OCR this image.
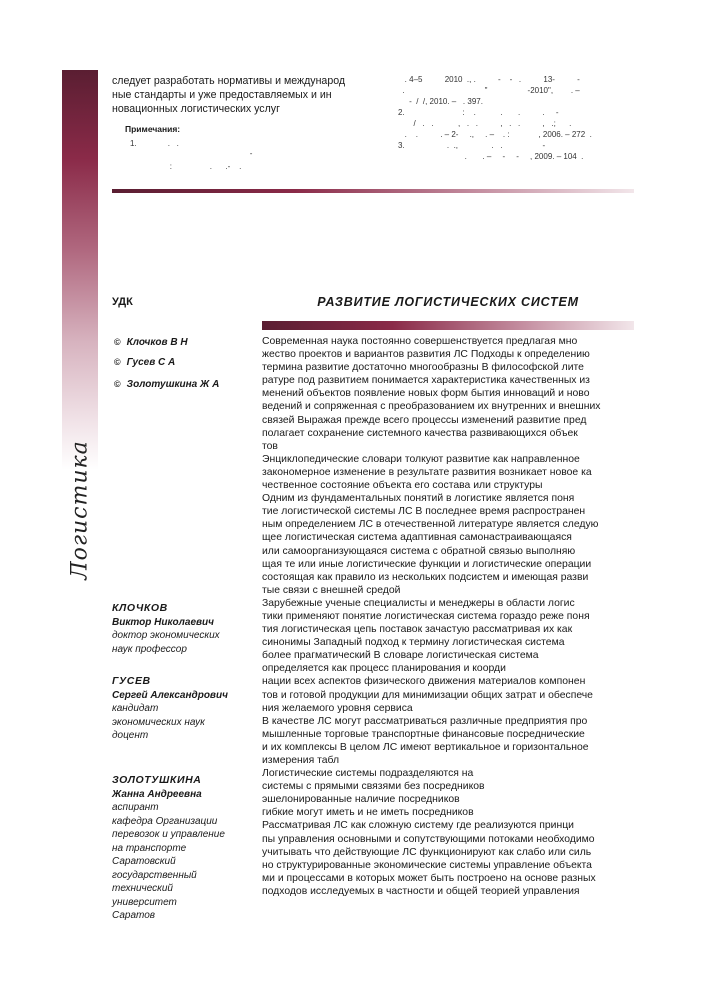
Логистика

следует разработать нормативы и международ

ные стандарты и уже предоставляемых и ин

новационных логистических услуг

Примечания:
1.              .   .
-
:                 .      .-    .
. 4–5          2010  ., .          -    -   .          13-          -
.                                    "                  -2010",        . –
-  /  /, 2010. –   . 397.
2.                          :    .           .       .          .     -
/   .   .           ,   .   .          ,   .   .          ,   .;      .
.    .          . – 2-     .,     . –    . :             , 2006. – 272  .
3.                   .  .,               .   .                  -
.       . –     -     -     , 2009. – 104  .
УДК	РАЗВИТИЕ ЛОГИСТИЧЕСКИХ СИСТЕМ
© Клочков В Н
© Гусев С А
© Золотушкина Ж А
КЛОЧКОВ
Виктор Николаевич
доктор экономических
наук профессор
ГУСЕВ
Сергей Александрович
кандидат
экономических наук
доцент
ЗОЛОТУШКИНА
Жанна Андреевна
аспирант
кафедра Организации
перевозок и управление
на транспорте
Саратовский
государственный
технический
университет
Саратов
Современная наука постоянно совершенствуется предлагая мно
жество проектов и вариантов развития ЛС Подходы к определению
термина развитие достаточно многообразны В философской лите
ратуре под развитием понимается характеристика качественных из
менений объектов появление новых форм бытия инноваций и ново
ведений и сопряженная с преобразованием их внутренних и внешних
связей Выражая прежде всего процессы изменений развитие пред
полагает сохранение системного качества развивающихся объек
тов
Энциклопедические словари толкуют развитие как направленное
закономерное изменение в результате развития возникает новое ка
чественное состояние объекта его состава или структуры
Одним из фундаментальных понятий в логистике является поня
тие логистической системы ЛС В последнее время распространен
ным определением ЛС в отечественной литературе является следую
щее логистическая система адаптивная самонастраивающаяся
или самоорганизующаяся система с обратной связью выполняю
щая те или иные логистические функции и логистические операции
состоящая как правило из нескольких подсистем и имеющая разви
тые связи с внешней средой
Зарубежные ученые специалисты и менеджеры в области логис
тики применяют понятие логистическая система гораздо реже поня
тия логистическая цепь поставок зачастую рассматривая их как
синонимы Западный подход к термину логистическая система
более прагматический В словаре логистическая система
определяется как процесс планирования и коорди
нации всех аспектов физического движения материалов компонен
тов и готовой продукции для минимизации общих затрат и обеспече
ния желаемого уровня сервиса
В качестве ЛС могут рассматриваться различные предприятия про
мышленные торговые транспортные финансовые посреднические
и их комплексы В целом ЛС имеют вертикальное и горизонтальное
измерения табл
Логистические системы подразделяются на
системы с прямыми связями без посредников
эшелонированные наличие посредников
гибкие могут иметь и не иметь посредников
Рассматривая ЛС как сложную систему где реализуются принци
пы управления основными и сопутствующими потоками необходимо
учитывать что действующие ЛС функционируют как слабо или силь
но структурированные экономические системы управление объекта
ми и процессами в которых может быть построено на основе разных
подходов исследуемых в частности и общей теорией управления
